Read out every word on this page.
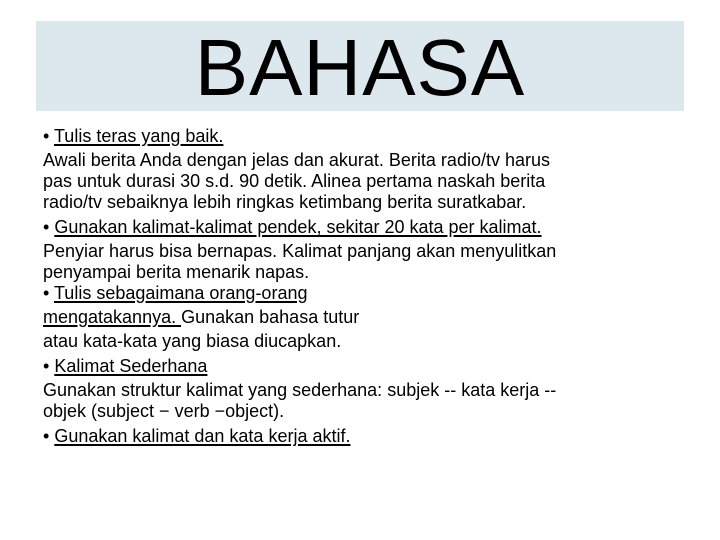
BAHASA
• Tulis teras yang baik.
Awali berita Anda dengan jelas dan akurat. Berita radio/tv harus
pas untuk durasi 30 s.d. 90 detik. Alinea pertama naskah berita
radio/tv sebaiknya lebih ringkas ketimbang berita suratkabar.
• Gunakan kalimat-kalimat pendek, sekitar 20 kata per kalimat.
Penyiar harus bisa bernapas. Kalimat panjang akan menyulitkan
penyampai berita menarik napas.
• Tulis sebagaimana orang-orang
mengatakannya. Gunakan bahasa tutur
atau kata-kata yang biasa diucapkan.
• Kalimat Sederhana
Gunakan struktur kalimat yang sederhana: subjek -- kata kerja --
objek (subject − verb −object).
• Gunakan kalimat dan kata kerja aktif.
